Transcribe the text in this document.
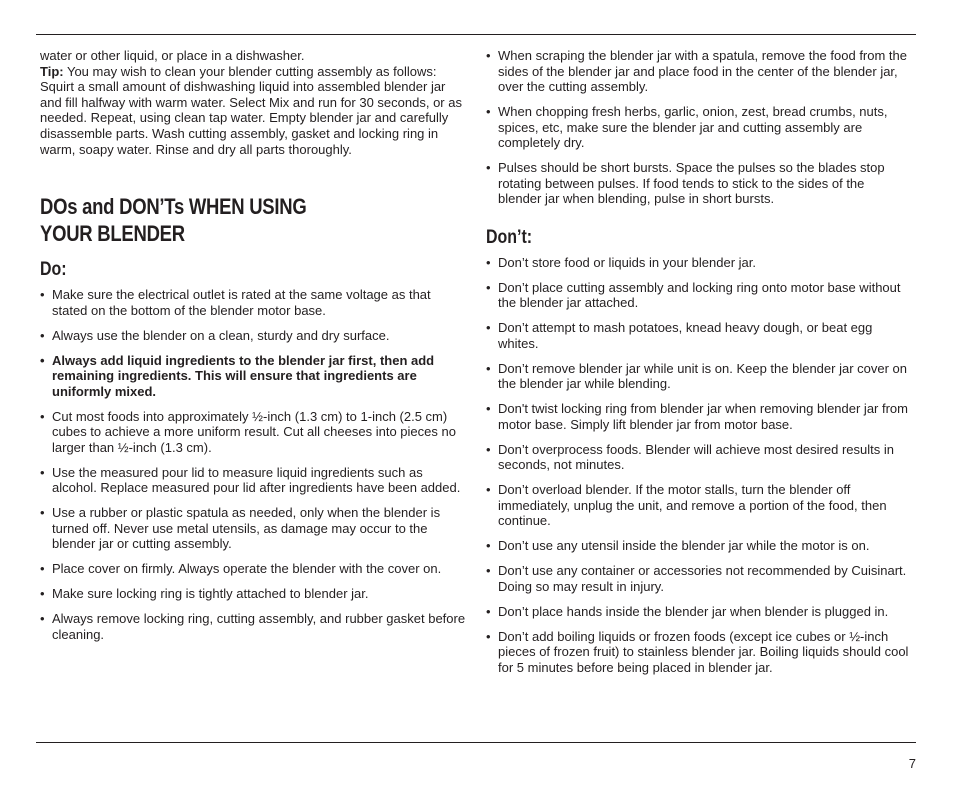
water or other liquid, or place in a dishwasher.

Tip: You may wish to clean your blender cutting assembly as follows: Squirt a small amount of dishwashing liquid into assembled blender jar and fill halfway with warm water. Select Mix and run for 30 seconds, or as needed. Repeat, using clean tap water. Empty blender jar and carefully disassemble parts. Wash cutting assembly, gasket and locking ring in warm, soapy water. Rinse and dry all parts thoroughly.

DOs and DON’Ts WHEN USING
YOUR BLENDER
Do:
• Make sure the electrical outlet is rated at the same voltage as that stated on the bottom of the blender motor base.
• Always use the blender on a clean, sturdy and dry surface.
• Always add liquid ingredients to the blender jar first, then add remaining ingredients. This will ensure that ingredients are uniformly mixed.
• Cut most foods into approximately ½-inch (1.3 cm) to 1-inch (2.5 cm) cubes to achieve a more uniform result. Cut all cheeses into pieces no larger than ½-inch (1.3 cm).
• Use the measured pour lid to measure liquid ingredients such as alcohol. Replace measured pour lid after ingredients have been added.
• Use a rubber or plastic spatula as needed, only when the blender is turned off. Never use metal utensils, as damage may occur to the blender jar or cutting assembly.
• Place cover on firmly. Always operate the blender with the cover on.
• Make sure locking ring is tightly attached to blender jar.
• Always remove locking ring, cutting assembly, and rubber gasket before cleaning.
• When scraping the blender jar with a spatula, remove the food from the sides of the blender jar and place food in the center of the blender jar, over the cutting assembly.
• When chopping fresh herbs, garlic, onion, zest, bread crumbs, nuts, spices, etc, make sure the blender jar and cutting assembly are completely dry.
• Pulses should be short bursts. Space the pulses so the blades stop rotating between pulses. If food tends to stick to the sides of the blender jar when blending, pulse in short bursts.
Don’t:
• Don’t store food or liquids in your blender jar.
• Don’t place cutting assembly and locking ring onto motor base without the blender jar attached.
• Don’t attempt to mash potatoes, knead heavy dough, or beat egg whites.
• Don’t remove blender jar while unit is on. Keep the blender jar cover on the blender jar while blending.
• Don't twist locking ring from blender jar when removing blender jar from motor base. Simply lift blender jar from motor base.
• Don’t overprocess foods. Blender will achieve most desired results in seconds, not minutes.
• Don’t overload blender. If the motor stalls, turn the blender off immediately, unplug the unit, and remove a portion of the food, then continue.
• Don’t use any utensil inside the blender jar while the motor is on.
• Don’t use any container or accessories not recommended by Cuisinart. Doing so may result in injury.
• Don’t place hands inside the blender jar when blender is plugged in.
• Don’t add boiling liquids or frozen foods (except ice cubes or ½-inch pieces of frozen fruit) to stainless blender jar. Boiling liquids should cool for 5 minutes before being placed in blender jar.
7
